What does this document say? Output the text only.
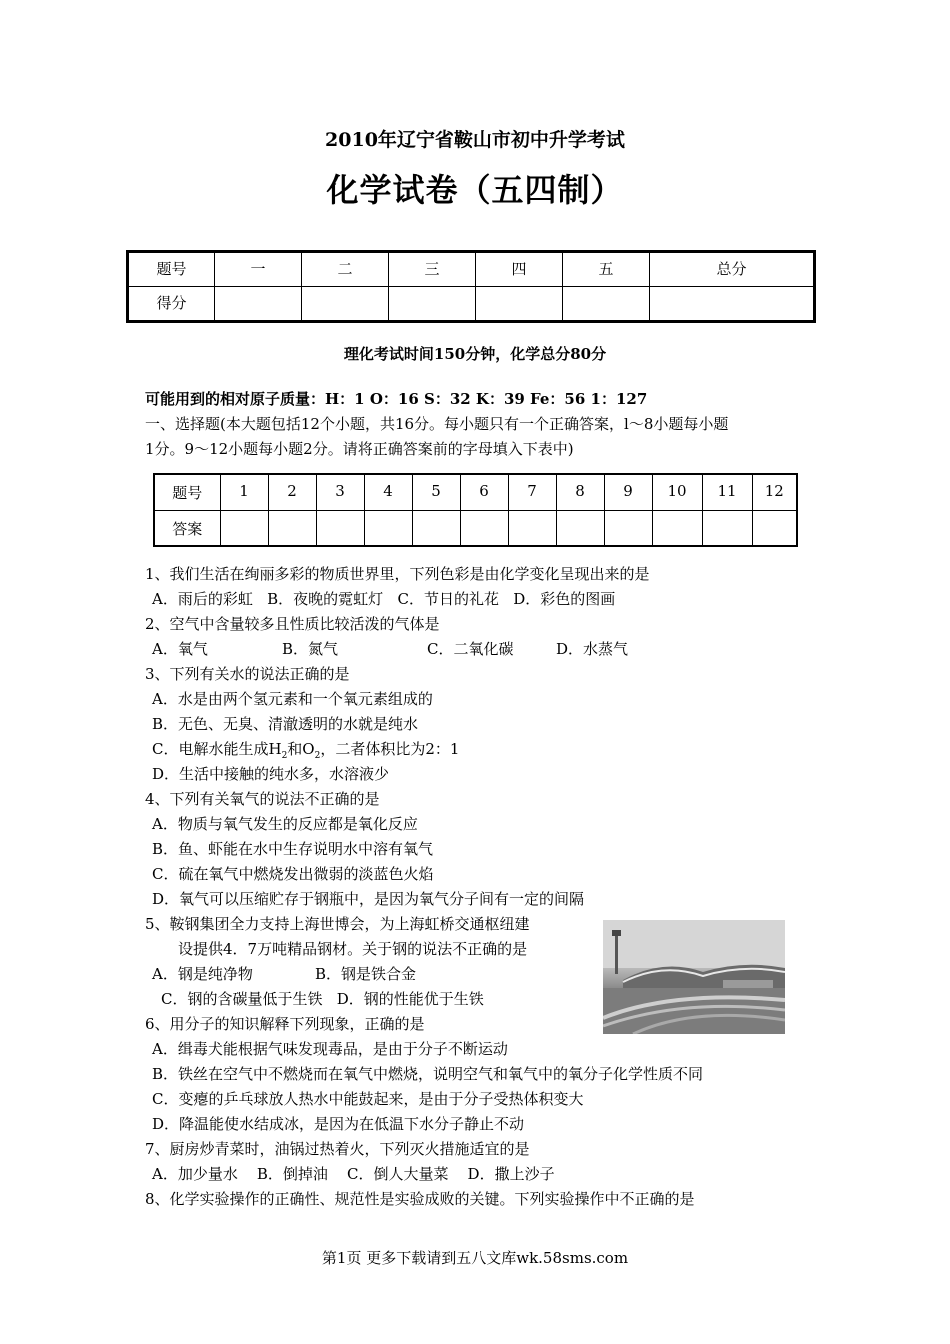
2010年辽宁省鞍山市初中升学考试
化学试卷（五四制）
题号	一	二	三	四	五	总分
得分						
理化考试时间150分钟，化学总分80分
可能用到的相对原子质量：H：1 O：16 S：32 K：39 Fe：56 1：127
一、选择题(本大题包括12个小题，共16分。每小题只有一个正确答案，l～8小题每小题
1分。9～12小题每小题2分。请将正确答案前的字母填入下表中)
题号	1	2	3	4	5	6	7	8	9	10	11	12
答案												
1、我们生活在绚丽多彩的物质世界里，下列色彩是由化学变化呈现出来的是
A．雨后的彩虹   B．夜晚的霓虹灯   C．节日的礼花   D．彩色的图画
2、空气中含量较多且性质比较活泼的气体是
A．氧气	B．氮气	C．二氧化碳	D．水蒸气
3、下列有关水的说法正确的是
A．水是由两个氢元素和一个氧元素组成的
B．无色、无臭、清澈透明的水就是纯水
C．电解水能生成$H_2$和$O_2$，二者体积比为2：1
D．生活中接触的纯水多，水溶液少
4、下列有关氧气的说法不正确的是
A．物质与氧气发生的反应都是氧化反应
B．鱼、虾能在水中生存说明水中溶有氧气
C．硫在氧气中燃烧发出微弱的淡蓝色火焰
D．氧气可以压缩贮存于钢瓶中，是因为氧气分子间有一定的间隔
5、鞍钢集团全力支持上海世博会，为上海虹桥交通枢纽建
设提供4．7万吨精品钢材。关于钢的说法不正确的是
A．钢是纯净物	B．钢是铁合金
C．钢的含碳量低于生铁   D．钢的性能优于生铁
6、用分子的知识解释下列现象，正确的是
A．缉毒犬能根据气味发现毒品，是由于分子不断运动
B．铁丝在空气中不燃烧而在氧气中燃烧，说明空气和氧气中的氧分子化学性质不同
C．变瘪的乒乓球放人热水中能鼓起来，是由于分子受热体积变大
D．降温能使水结成冰，是因为在低温下水分子静止不动
7、厨房炒青菜时，油锅过热着火，下列灭火措施适宜的是
A．加少量水    B．倒掉油    C．倒人大量菜    D．撒上沙子
8、化学实验操作的正确性、规范性是实验成败的关键。下列实验操作中不正确的是
第1页 更多下载请到五八文库wk.58sms.com
